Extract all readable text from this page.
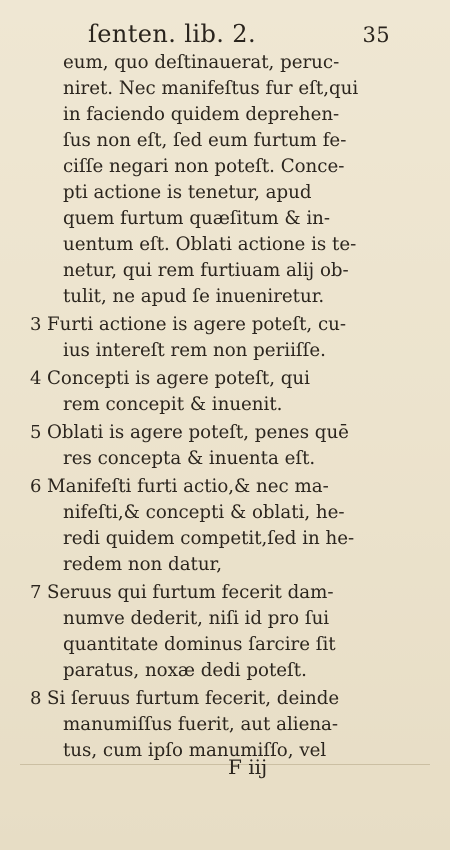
ſenten. lib. 2.	35
eum, quo deſtinauerat, peruc-
niret. Nec manifeſtus fur eſt,qui
in faciendo quidem deprehen-
ſus non eſt, ſed eum furtum fe-
ciſſe negari non poteſt. Conce-
pti actione is tenetur, apud
quem furtum quæſitum & in-
uentum eſt. Oblati actione is te-
netur, qui rem furtiuam alij ob-
tulit, ne apud ſe inueniretur.
3 Furti actione is agere poteſt, cu-
ius intereſt rem non periiſſe.
4 Concepti is agere poteſt, qui
rem concepit & inuenit.
5 Oblati is agere poteſt, penes quē
res concepta & inuenta eſt.
6 Manifeſti furti actio,& nec ma-
nifeſti,& concepti & oblati, he-
redi quidem competit,ſed in he-
redem non datur,
7 Seruus qui furtum fecerit dam-
numve dederit, niſi id pro ſui
quantitate dominus ſarcire ſit
paratus, noxæ dedi poteſt.
8 Si ſeruus furtum fecerit, deinde
manumiſſus fuerit, aut aliena-
tus, cum ipſo manumiſſo, vel
F iij
